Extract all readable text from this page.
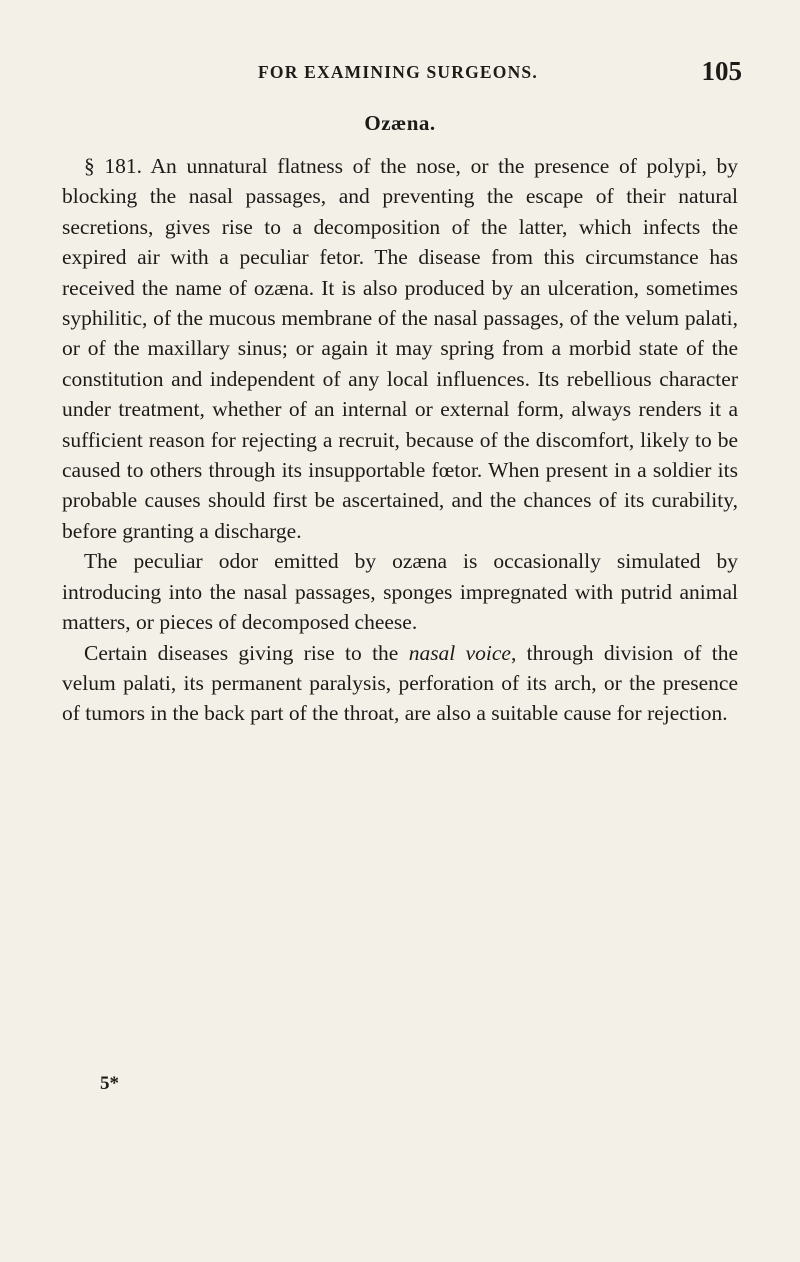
FOR EXAMINING SURGEONS.	105
Ozæna.

§ 181. An unnatural flatness of the nose, or the presence of polypi, by blocking the nasal passages, and preventing the escape of their natural secretions, gives rise to a decomposition of the latter, which infects the expired air with a peculiar fetor. The disease from this circumstance has received the name of ozæna. It is also produced by an ulceration, sometimes syphilitic, of the mucous membrane of the nasal passages, of the velum palati, or of the maxillary sinus; or again it may spring from a morbid state of the constitution and independent of any local influences. Its rebellious character under treatment, whether of an internal or external form, always renders it a sufficient reason for rejecting a recruit, because of the discomfort, likely to be caused to others through its insupportable fœtor. When present in a soldier its probable causes should first be ascertained, and the chances of its curability, before granting a discharge.

The peculiar odor emitted by ozæna is occasionally simulated by introducing into the nasal passages, sponges impregnated with putrid animal matters, or pieces of decomposed cheese.

Certain diseases giving rise to the nasal voice, through division of the velum palati, its permanent paralysis, perforation of its arch, or the presence of tumors in the back part of the throat, are also a suitable cause for rejection.

5*
